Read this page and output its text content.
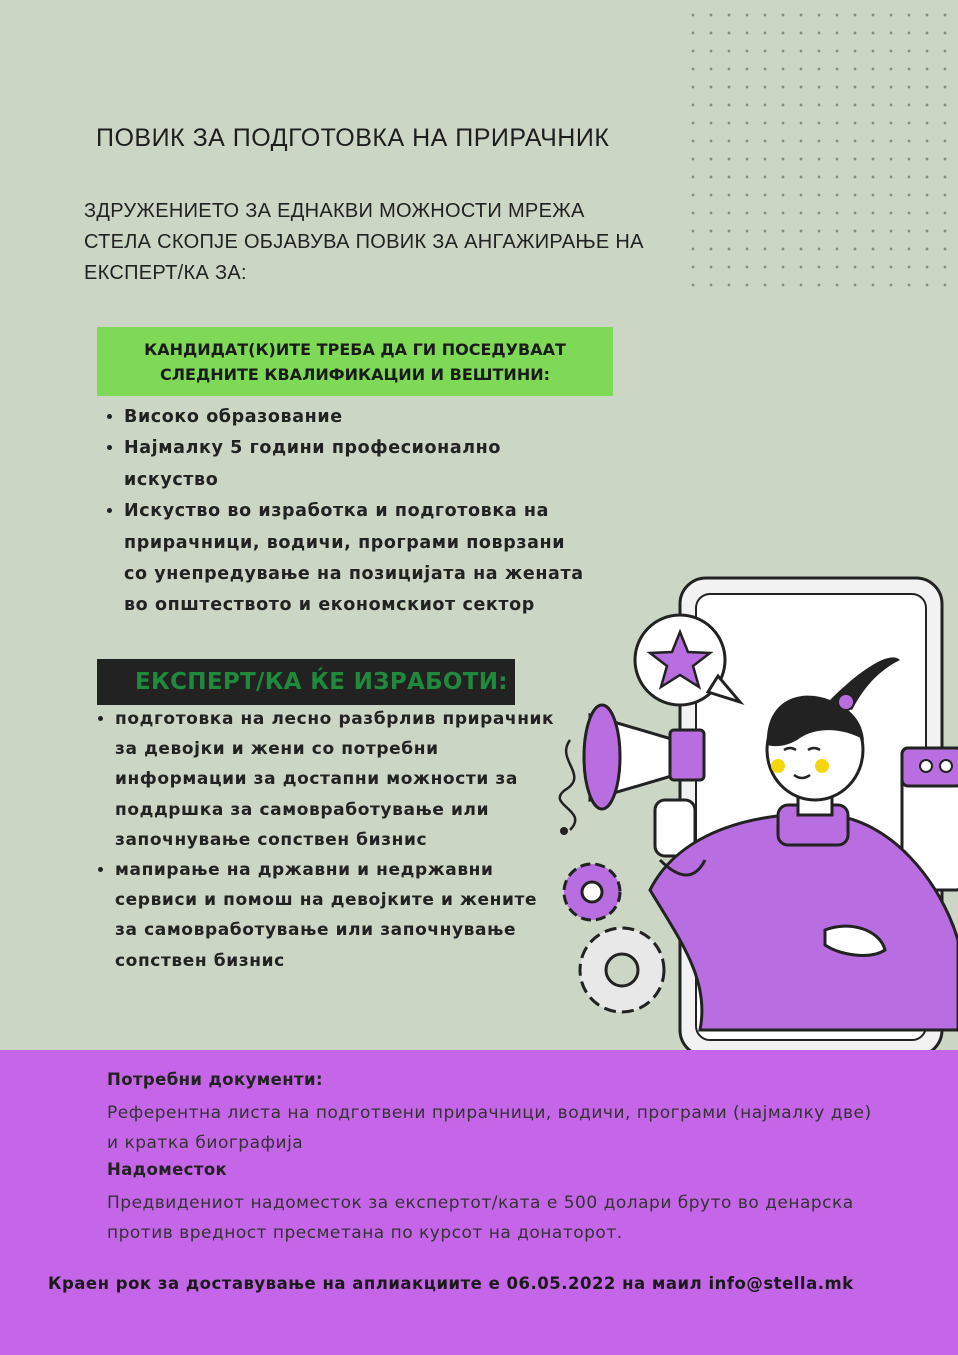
ПОВИК ЗА ПОДГОТОВКА НА ПРИРАЧНИК
ЗДРУЖЕНИЕТО ЗА ЕДНАКВИ МОЖНОСТИ МРЕЖА СТЕЛА СКОПЈЕ ОБЈАВУВА ПОВИК ЗА АНГАЖИРАЊЕ НА ЕКСПЕРТ/КА ЗА:
КАНДИДАТ(К)ИТЕ ТРЕБА ДА ГИ ПОСЕДУВААТ СЛЕДНИТЕ КВАЛИФИКАЦИИ И ВЕШТИНИ:
• Високо образование
• Најмалку 5 години професионално искуство
• Искуство во изработка и подготовка на прирачници, водичи, програми поврзани со унепредување на позицијата на жената во општеството и економскиот сектор
ЕКСПЕРТ/КА ЌЕ ИЗРАБОТИ:
• подготовка на лесно разбрлив прирачник за девојки и жени со потребни информации за достапни можности за поддршка за самовработување или започнување сопствен бизнис
• мапирање на државни и недржавни сервиси и помош на девојките и жените за самовработување или започнување сопствен бизнис
Потребни документи:
Референтна листа на подготвени прирачници, водичи, програми (најмалку две) и кратка биографија
Надоместок
Предвидениот надоместок за експертот/ката е 500 долари бруто во денарска против вредност пресметана по курсот на донаторот.
Краен рок за доставување на аплиакциите е 06.05.2022 на маил info@stella.mk
